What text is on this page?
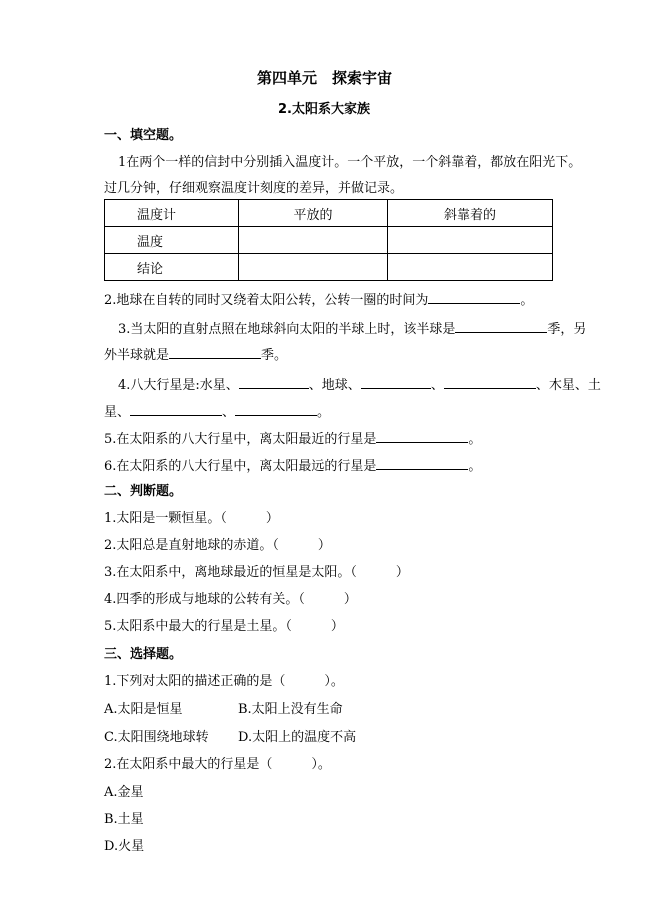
第四单元　探索宇宙
2.太阳系大家族
一、填空题。
1在两个一样的信封中分别插入温度计。一个平放，一个斜靠着，都放在阳光下。
过几分钟，仔细观察温度计刻度的差异，并做记录。
温度计	平放的	斜靠着的
温度		
结论		
2.地球在自转的同时又绕着太阳公转，公转一圈的时间为	。
3.当太阳的直射点照在地球斜向太阳的半球上时，该半球是	季，另
外半球就是	季。
4.八大行星是:水星、	、地球、	、	、木星、土
星、	、	。
5.在太阳系的八大行星中，离太阳最近的行星是	。
6.在太阳系的八大行星中，离太阳最远的行星是	。
二、判断题。
1.太阳是一颗恒星。（　　　）
2.太阳总是直射地球的赤道。（　　　）
3.在太阳系中，离地球最近的恒星是太阳。（　　　）
4.四季的形成与地球的公转有关。（　　　）
5.太阳系中最大的行星是土星。（　　　）
三、选择题。
1.下列对太阳的描述正确的是（　　　）。
A.太阳是恒星	B.太阳上没有生命
C.太阳围绕地球转 D.太阳上的温度不高
2.在太阳系中最大的行星是（　　　）。
A.金星
B.土星
D.火星
